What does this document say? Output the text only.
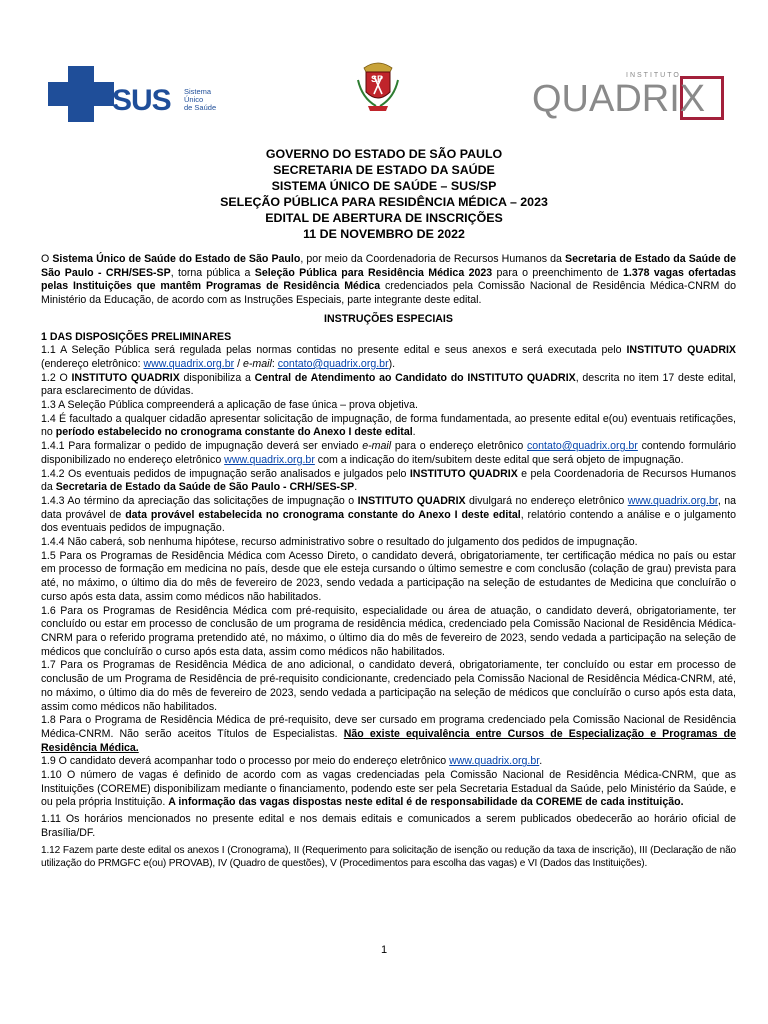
SUS Sistema
Único
de Saúde
SP	INSTITUTO
QUADRIX
GOVERNO DO ESTADO DE SÃO PAULO
SECRETARIA DE ESTADO DA SAÚDE
SISTEMA ÚNICO DE SAÚDE – SUS/SP
SELEÇÃO PÚBLICA PARA RESIDÊNCIA MÉDICA – 2023
EDITAL DE ABERTURA DE INSCRIÇÕES
11 DE NOVEMBRO DE 2022

O Sistema Único de Saúde do Estado de São Paulo, por meio da Coordenadoria de Recursos Humanos da Secretaria de Estado da Saúde de São Paulo - CRH/SES-SP, torna pública a Seleção Pública para Residência Médica 2023 para o preenchimento de 1.378 vagas ofertadas pelas Instituições que mantêm Programas de Residência Médica credenciados pela Comissão Nacional de Residência Médica-CNRM do Ministério da Educação, de acordo com as Instruções Especiais, parte integrante deste edital.

INSTRUÇÕES ESPECIAIS

1 DAS DISPOSIÇÕES PRELIMINARES

1.1 A Seleção Pública será regulada pelas normas contidas no presente edital e seus anexos e será executada pelo INSTITUTO QUADRIX (endereço eletrônico: www.quadrix.org.br / e-mail: contato@quadrix.org.br).

1.2 O INSTITUTO QUADRIX disponibiliza a Central de Atendimento ao Candidato do INSTITUTO QUADRIX, descrita no item 17 deste edital, para esclarecimento de dúvidas.

1.3 A Seleção Pública compreenderá a aplicação de fase única – prova objetiva.

1.4 É facultado a qualquer cidadão apresentar solicitação de impugnação, de forma fundamentada, ao presente edital e(ou) eventuais retificações, no período estabelecido no cronograma constante do Anexo I deste edital.

1.4.1 Para formalizar o pedido de impugnação deverá ser enviado e-mail para o endereço eletrônico contato@quadrix.org.br contendo formulário disponibilizado no endereço eletrônico www.quadrix.org.br com a indicação do item/subitem deste edital que será objeto de impugnação.

1.4.2 Os eventuais pedidos de impugnação serão analisados e julgados pelo INSTITUTO QUADRIX e pela Coordenadoria de Recursos Humanos da Secretaria de Estado da Saúde de São Paulo - CRH/SES-SP.

1.4.3 Ao término da apreciação das solicitações de impugnação o INSTITUTO QUADRIX divulgará no endereço eletrônico www.quadrix.org.br, na data provável de data provável estabelecida no cronograma constante do Anexo I deste edital, relatório contendo a análise e o julgamento dos eventuais pedidos de impugnação.

1.4.4 Não caberá, sob nenhuma hipótese, recurso administrativo sobre o resultado do julgamento dos pedidos de impugnação.

1.5 Para os Programas de Residência Médica com Acesso Direto, o candidato deverá, obrigatoriamente, ter certificação médica no país ou estar em processo de formação em medicina no país, desde que ele esteja cursando o último semestre e com conclusão (colação de grau) prevista para até, no máximo, o último dia do mês de fevereiro de 2023, sendo vedada a participação na seleção de estudantes de Medicina que concluírão o curso após esta data, assim como médicos não habilitados.

1.6 Para os Programas de Residência Médica com pré-requisito, especialidade ou área de atuação, o candidato deverá, obrigatoriamente, ter concluído ou estar em processo de conclusão de um programa de residência médica, credenciado pela Comissão Nacional de Residência Médica-CNRM para o referido programa pretendido até, no máximo, o último dia do mês de fevereiro de 2023, sendo vedada a participação na seleção de médicos que concluírão o curso após esta data, assim como médicos não habilitados.

1.7 Para os Programas de Residência Médica de ano adicional, o candidato deverá, obrigatoriamente, ter concluído ou estar em processo de conclusão de um Programa de Residência de pré-requisito condicionante, credenciado pela Comissão Nacional de Residência Médica-CNRM, até, no máximo, o último dia do mês de fevereiro de 2023, sendo vedada a participação na seleção de médicos que concluírão o curso após esta data, assim como médicos não habilitados.

1.8 Para o Programa de Residência Médica de pré-requisito, deve ser cursado em programa credenciado pela Comissão Nacional de Residência Médica-CNRM. Não serão aceitos Títulos de Especialistas. Não existe equivalência entre Cursos de Especialização e Programas de Residência Médica.

1.9 O candidato deverá acompanhar todo o processo por meio do endereço eletrônico www.quadrix.org.br.

1.10 O número de vagas é definido de acordo com as vagas credenciadas pela Comissão Nacional de Residência Médica-CNRM, que as Instituições (COREME) disponibilizam mediante o financiamento, podendo este ser pela Secretaria Estadual da Saúde, pelo Ministério da Saúde, e ou pela própria Instituição. A informação das vagas dispostas neste edital é de responsabilidade da COREME de cada instituição.

1.11 Os horários mencionados no presente edital e nos demais editais e comunicados a serem publicados obedecerão ao horário oficial de Brasília/DF.

1.12 Fazem parte deste edital os anexos I (Cronograma), II (Requerimento para solicitação de isenção ou redução da taxa de inscrição), III (Declaração de não utilização do PRMGFC e(ou) PROVAB), IV (Quadro de questões), V (Procedimentos para escolha das vagas) e VI (Dados das Instituições).

1
